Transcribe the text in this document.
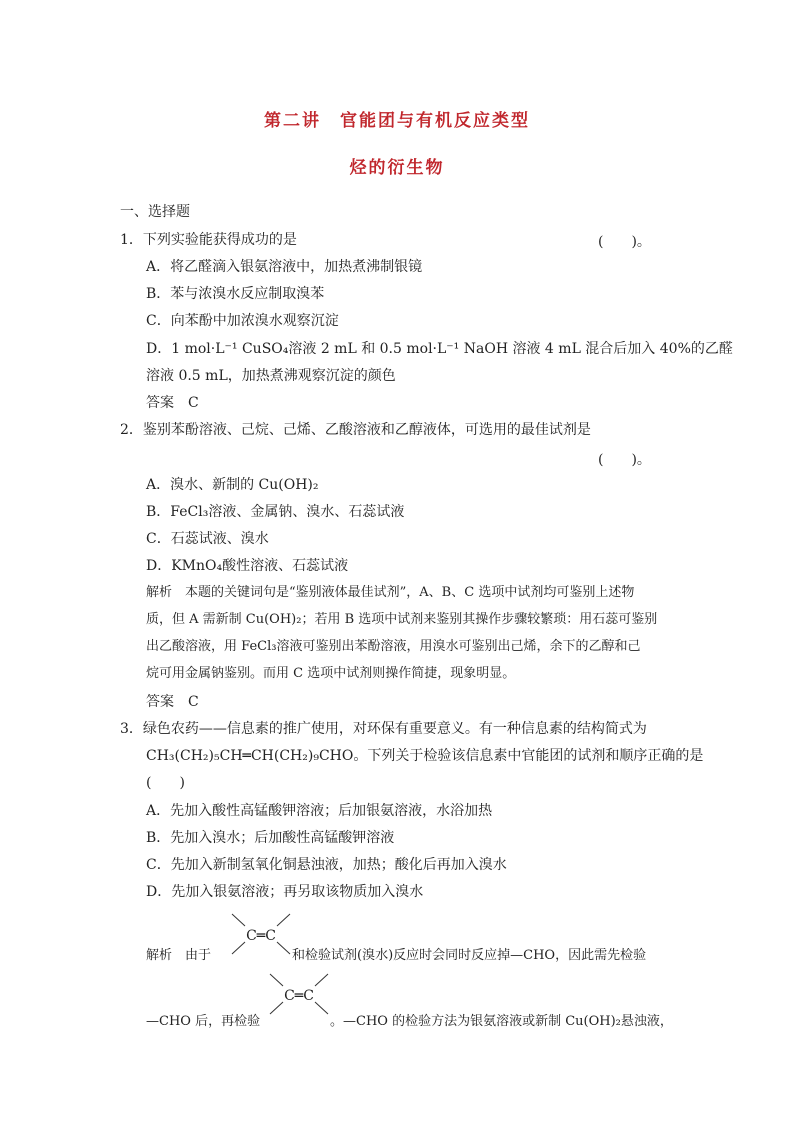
第二讲　官能团与有机反应类型
烃的衍生物
一、选择题
1．下列实验能获得成功的是	(　　)。
A．将乙醛滴入银氨溶液中，加热煮沸制银镜
B．苯与浓溴水反应制取溴苯
C．向苯酚中加浓溴水观察沉淀
D．1 mol·L⁻¹ CuSO₄溶液 2 mL 和 0.5 mol·L⁻¹ NaOH 溶液 4 mL 混合后加入 40%的乙醛
溶液 0.5 mL，加热煮沸观察沉淀的颜色
答案　C
2．鉴别苯酚溶液、己烷、己烯、乙酸溶液和乙醇液体，可选用的最佳试剂是
(　　)。
A．溴水、新制的 Cu(OH)₂
B．FeCl₃溶液、金属钠、溴水、石蕊试液
C．石蕊试液、溴水
D．KMnO₄酸性溶液、石蕊试液
解析　本题的关键词句是“鉴别液体最佳试剂”，A、B、C 选项中试剂均可鉴别上述物
质，但 A 需新制 Cu(OH)₂；若用 B 选项中试剂来鉴别其操作步骤较繁琐：用石蕊可鉴别
出乙酸溶液，用 FeCl₃溶液可鉴别出苯酚溶液，用溴水可鉴别出己烯，余下的乙醇和己
烷可用金属钠鉴别。而用 C 选项中试剂则操作简捷，现象明显。
答案　C
3．绿色农药——信息素的推广使用，对环保有重要意义。有一种信息素的结构简式为
CH₃(CH₂)₅CH═CH(CH₂)₉CHO。下列关于检验该信息素中官能团的试剂和顺序正确的是
(　　)
A．先加入酸性高锰酸钾溶液；后加银氨溶液，水浴加热
B．先加入溴水；后加酸性高锰酸钾溶液
C．先加入新制氢氧化铜悬浊液，加热；酸化后再加入溴水
D．先加入银氨溶液；再另取该物质加入溴水
C═C
解析　由于	和检验试剂(溴水)反应时会同时反应掉—CHO，因此需先检验
C═C
—CHO 后，再检验	。—CHO 的检验方法为银氨溶液或新制 Cu(OH)₂悬浊液，
